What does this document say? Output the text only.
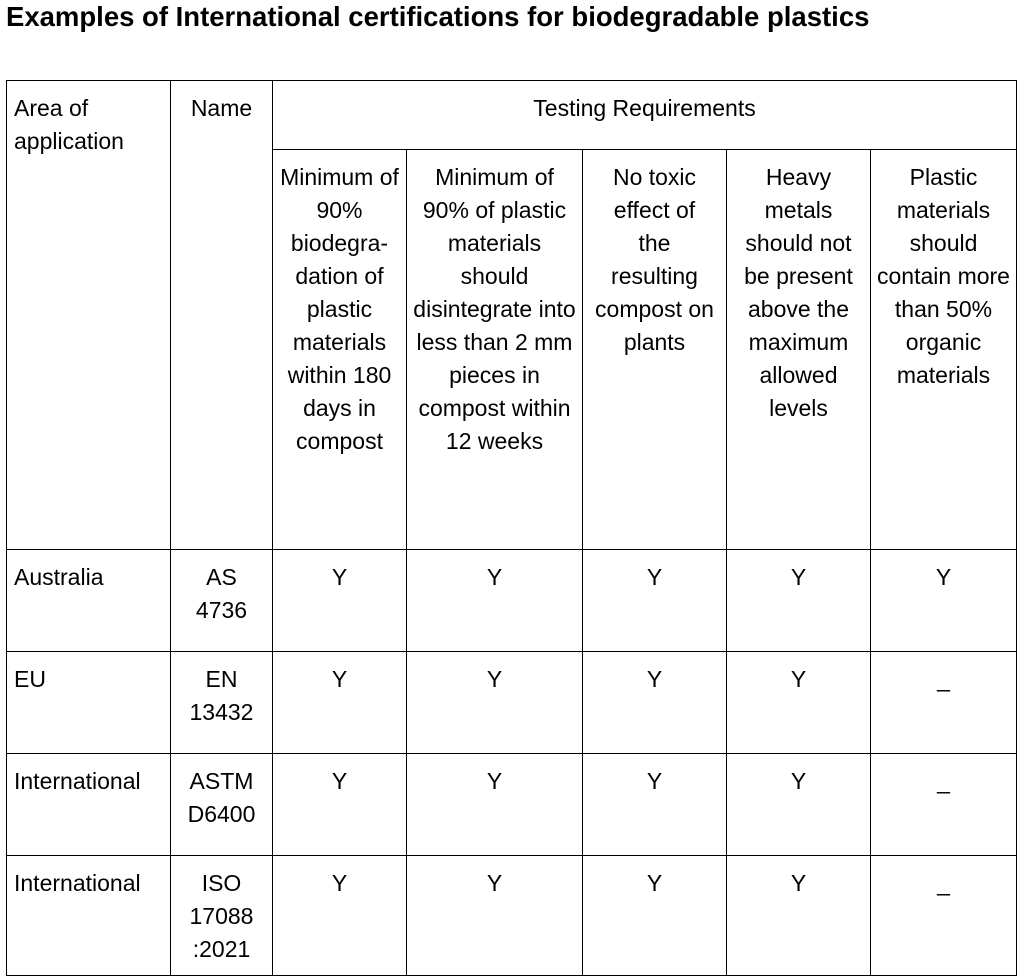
Examples of International certifications for biodegradable plastics
Area of application	Name	Testing Requirements				

		Minimum of 90% biodegra-dation of plastic materials within 180 days in compost	Minimum of 90% of plastic materials should disintegrate into less than 2 mm pieces in compost within 12 weeks	No toxic effect of the resulting compost on plants	Heavy metals should not be present above the maximum allowed levels	Plastic materials should contain more than 50% organic materials

Australia	AS 4736	Y	Y	Y	Y	Y
EU	EN 13432	Y	Y	Y	Y	_
International	ASTM D6400	Y	Y	Y	Y	_
International	ISO 17088 :2021	Y	Y	Y	Y	_
